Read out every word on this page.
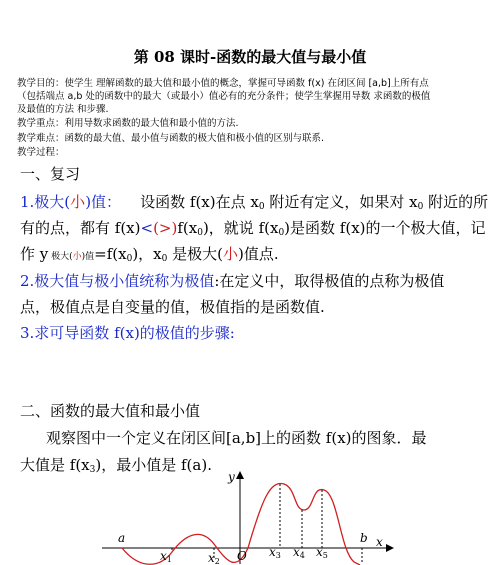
第 08 课时-函数的最大值与最小值
教学目的：使学生 理解函数的最大值和最小值的概念，掌握可导函数 f(x) 在闭区间 [a,b]上所有点
（包括端点 a,b 处的函数中的最大（或最小）值必有的充分条件；使学生掌握用导数 求函数的极值
及最值的方法 和步骤.
教学重点：利用导数求函数的最大值和最小值的方法.
教学难点：函数的最大值、最小值与函数的极大值和极小值的区别与联系.
教学过程：
一、复习
1.极大(小)值： 设函数 f(x)在点 $x_0$ 附近有定义，如果对 $x_0$ 附近的所
有的点，都有 $f(x)<(>)f(x_0)$，就说 $f(x_0)$是函数 f(x)的一个极大值，记
作 y 极大(小)值$=f(x_0)$，$x_0$ 是极大(小)值点.
2.极大值与极小值统称为极值:在定义中，取得极值的点称为极值
点，极值点是自变量的值，极值指的是函数值.
3.求可导函数 f(x)的极值的步骤:
二、函数的最大值和最小值
观察图中一个定义在闭区间[a,b]上的函数 f(x)的图象．最
大值是 $f(x_3)$，最小值是 f(a).
y
x
a	b
O
x1	x2
x3 x4 x5
